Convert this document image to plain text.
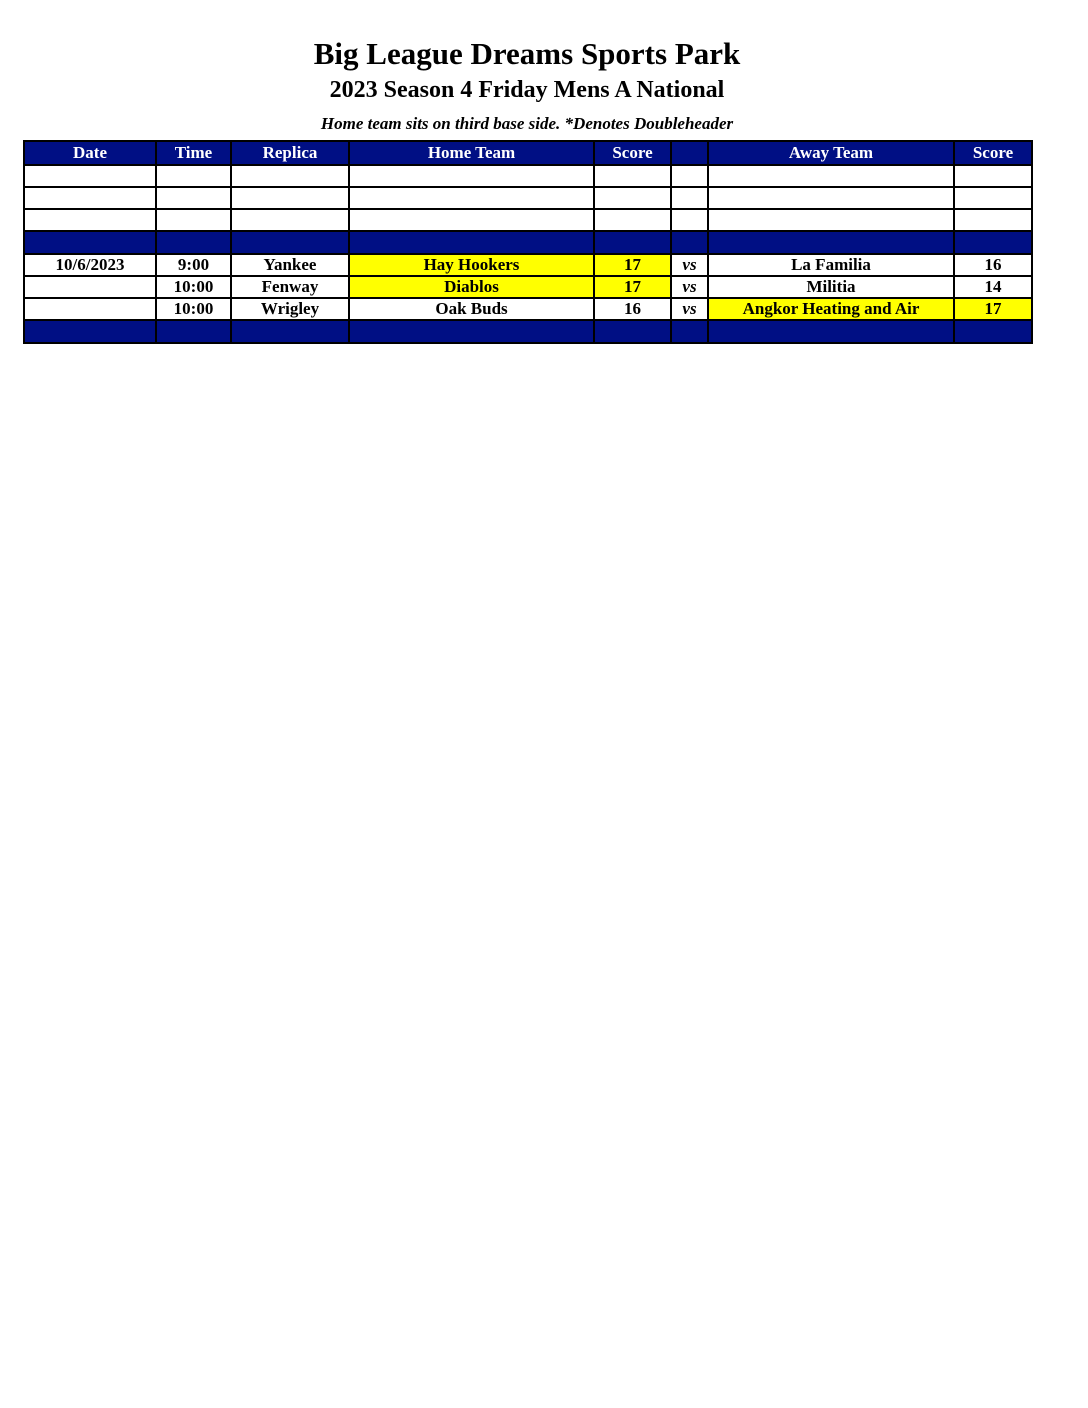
Big League Dreams Sports Park
2023 Season 4 Friday Mens A National
Home team sits on third base side. *Denotes Doubleheader
Date	Time	Replica	Home Team	Score		Away Team	Score

10/6/2023	9:00	Yankee	Hay Hookers	17	vs	La Familia	16
	10:00	Fenway	Diablos	17	vs	Militia	14
	10:00	Wrigley	Oak Buds	16	vs	Angkor Heating and Air	17
